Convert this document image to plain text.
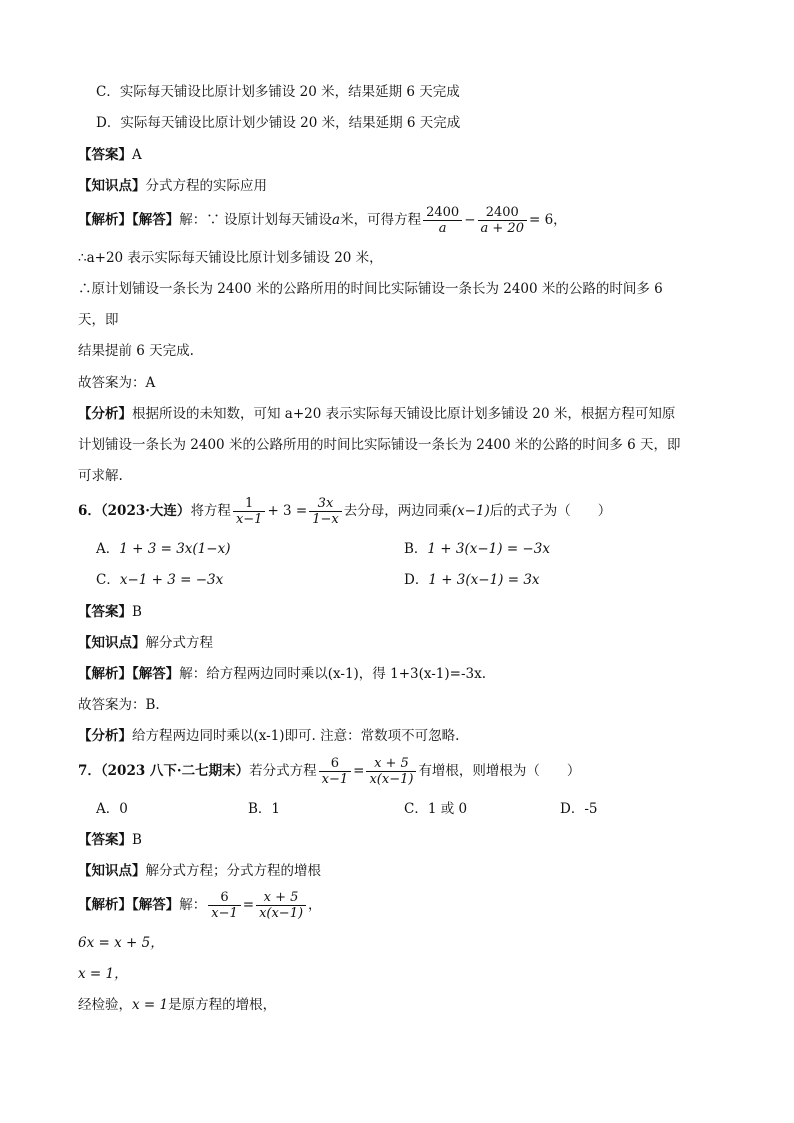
C．实际每天铺设比原计划多铺设 20 米，结果延期 6 天完成
D．实际每天铺设比原计划少铺设 20 米，结果延期 6 天完成
【答案】A
【知识点】分式方程的实际应用
【解析】【解答】解：∵ 设原计划每天铺设a米，可得方程 $\frac{2400}{a} - \frac{2400}{a + 20} = 6$，
∴a+20 表示实际每天铺设比原计划多铺设 20 米，
∴原计划铺设一条长为 2400 米的公路所用的时间比实际铺设一条长为 2400 米的公路的时间多 6
天，即
结果提前 6 天完成.
故答案为：A
【分析】根据所设的未知数，可知 a+20 表示实际每天铺设比原计划多铺设 20 米，根据方程可知原
计划铺设一条长为 2400 米的公路所用的时间比实际铺设一条长为 2400 米的公路的时间多 6 天，即
可求解.
6．（2023·大连）将方程 $\frac{1}{x-1} + 3 = \frac{3x}{1-x}$ 去分母，两边同乘(x−1)后的式子为（　　）
A．1 + 3 = 3x(1−x)	B．1 + 3(x−1) = −3x
C．x−1 + 3 = −3x	D．1 + 3(x−1) = 3x
【答案】B
【知识点】解分式方程
【解析】【解答】解：给方程两边同时乘以(x-1)，得 1+3(x-1)=-3x.
故答案为：B.
【分析】给方程两边同时乘以(x-1)即可. 注意：常数项不可忽略.
7．（2023 八下·二七期末）若分式方程 $\frac{6}{x-1} = \frac{x + 5}{x(x-1)}$ 有增根，则增根为（　　）
A．0	B．1	C．1 或 0	D．-5
【答案】B
【知识点】解分式方程；分式方程的增根
【解析】【解答】解： $\frac{6}{x-1} = \frac{x + 5}{x(x-1)}$ ，
6x = x + 5，
x = 1，
经检验，x = 1是原方程的增根，
